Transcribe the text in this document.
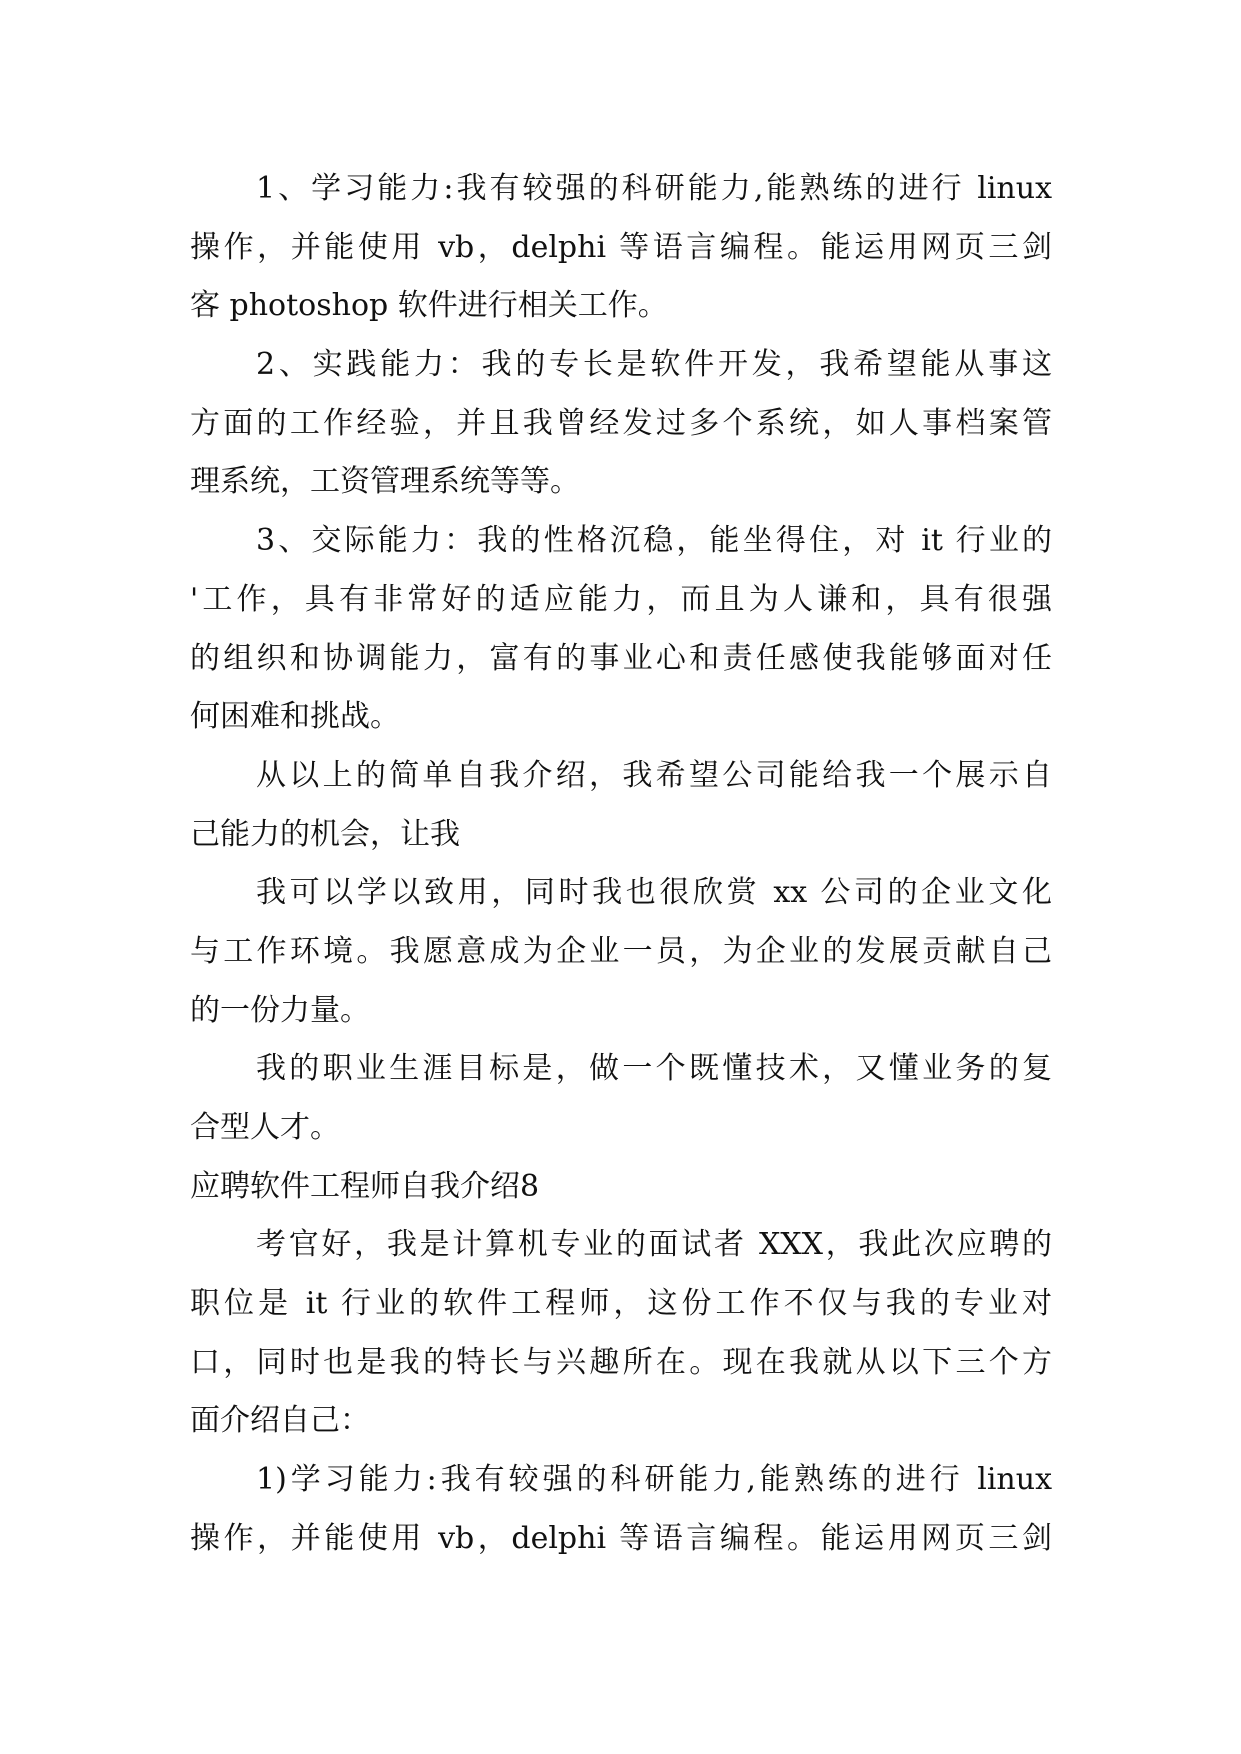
1、学习能力:我有较强的科研能力,能熟练的进行 linux
操作，并能使用 vb，delphi 等语言编程。能运用网页三剑
客 photoshop 软件进行相关工作。
2、实践能力：我的专长是软件开发，我希望能从事这
方面的工作经验，并且我曾经发过多个系统，如人事档案管
理系统，工资管理系统等等。
3、交际能力：我的性格沉稳，能坐得住，对 it 行业的
'工作，具有非常好的适应能力，而且为人谦和，具有很强
的组织和协调能力，富有的事业心和责任感使我能够面对任
何困难和挑战。
从以上的简单自我介绍，我希望公司能给我一个展示自
己能力的机会，让我
我可以学以致用，同时我也很欣赏 xx 公司的企业文化
与工作环境。我愿意成为企业一员，为企业的发展贡献自己
的一份力量。
我的职业生涯目标是，做一个既懂技术，又懂业务的复
合型人才。
应聘软件工程师自我介绍8
考官好，我是计算机专业的面试者 XXX，我此次应聘的
职位是 it 行业的软件工程师，这份工作不仅与我的专业对
口，同时也是我的特长与兴趣所在。现在我就从以下三个方
面介绍自己：
1)学习能力:我有较强的科研能力,能熟练的进行 linux
操作，并能使用 vb，delphi 等语言编程。能运用网页三剑
